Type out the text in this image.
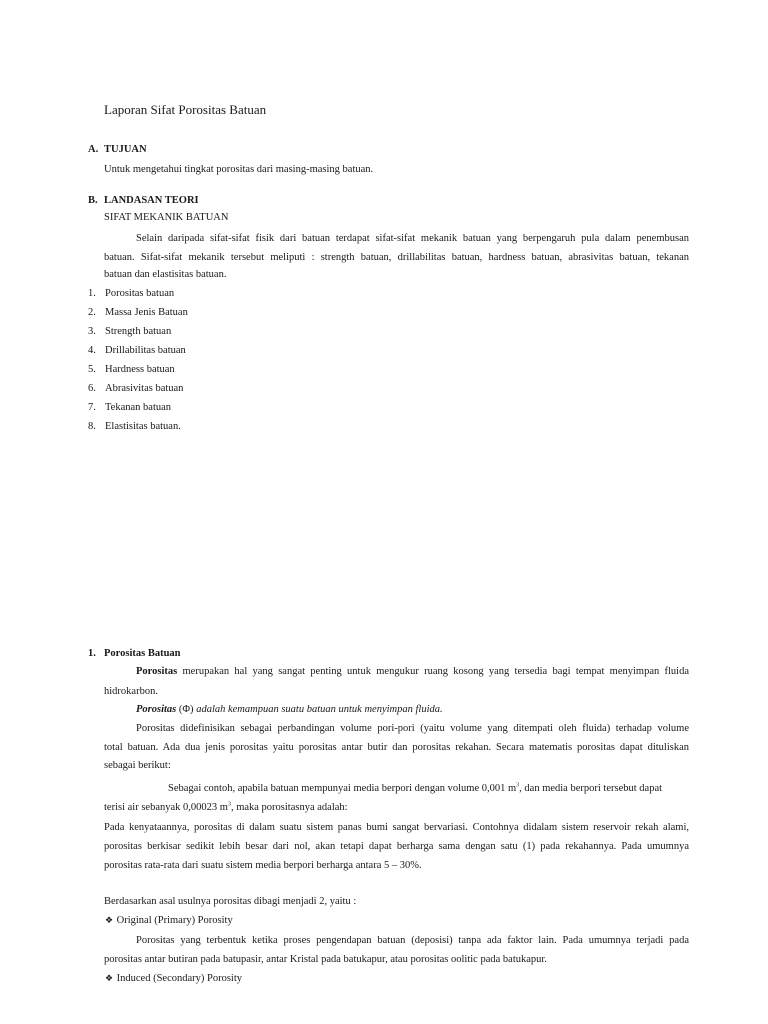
Laporan Sifat Porositas Batuan
A. TUJUAN
Untuk mengetahui tingkat porositas dari masing-masing batuan.
B. LANDASAN TEORI
SIFAT MEKANIK BATUAN
Selain daripada sifat-sifat fisik dari batuan terdapat sifat-sifat mekanik batuan yang berpengaruh pula dalam penembusan
batuan. Sifat-sifat mekanik tersebut meliputi : strength batuan, drillabilitas batuan, hardness batuan, abrasivitas batuan, tekanan
batuan dan elastisitas batuan.
1. Porositas batuan
2. Massa Jenis Batuan
3. Strength batuan
4. Drillabilitas batuan
5. Hardness batuan
6. Abrasivitas batuan
7. Tekanan batuan
8. Elastisitas batuan.
1. Porositas Batuan
Porositas merupakan hal yang sangat penting untuk mengukur ruang kosong yang tersedia bagi tempat menyimpan fluida
hidrokarbon.
Porositas (Φ) adalah kemampuan suatu batuan untuk menyimpan fluida.
Porositas didefinisikan sebagai perbandingan volume pori-pori (yaitu volume yang ditempati oleh fluida) terhadap volume
total batuan. Ada dua jenis porositas yaitu porositas antar butir dan porositas rekahan. Secara matematis porositas dapat dituliskan
sebagai berikut:
Sebagai contoh, apabila batuan mempunyai media berpori dengan volume 0,001 $m^3$, dan media berpori tersebut dapat
terisi air sebanyak 0,00023 $m^3$, maka porositasnya adalah:
Pada kenyataannya, porositas di dalam suatu sistem panas bumi sangat bervariasi. Contohnya didalam sistem reservoir rekah alami,
porositas berkisar sedikit lebih besar dari nol, akan tetapi dapat berharga sama dengan satu (1) pada rekahannya. Pada umumnya
porositas rata-rata dari suatu sistem media berpori berharga antara 5 – 30%.
Berdasarkan asal usulnya porositas dibagi menjadi 2, yaitu :
❖ Original (Primary) Porosity
Porositas yang terbentuk ketika proses pengendapan batuan (deposisi) tanpa ada faktor lain. Pada umumnya terjadi pada
porositas antar butiran pada batupasir, antar Kristal pada batukapur, atau porositas oolitic pada batukapur.
❖ Induced (Secondary) Porosity
